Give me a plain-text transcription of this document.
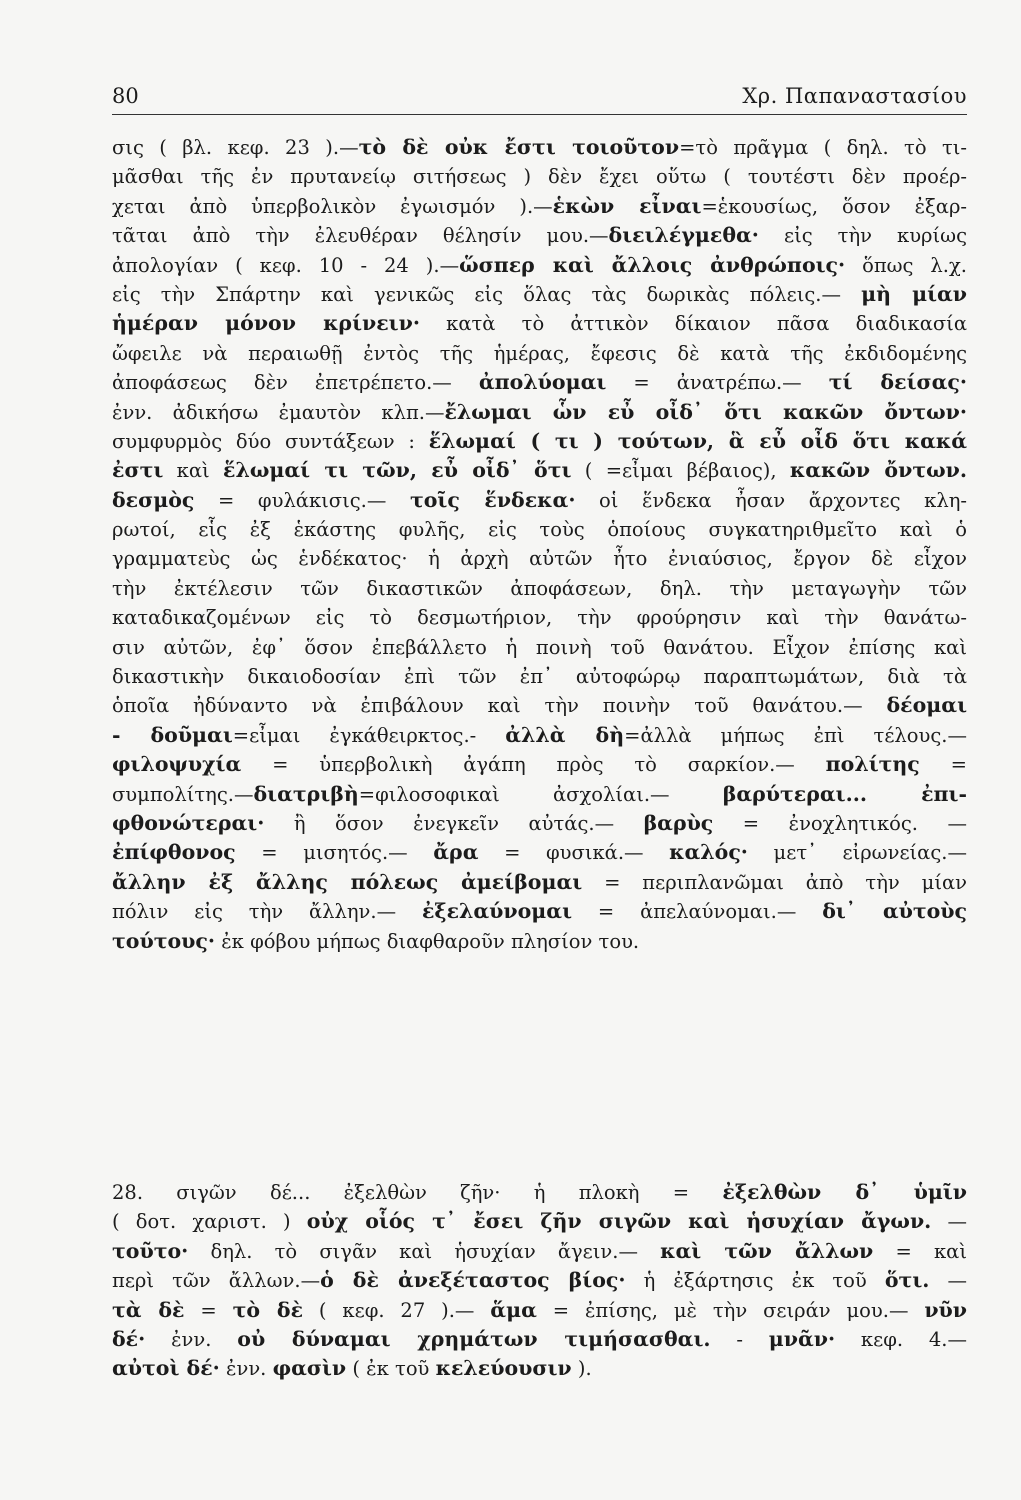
80	Χρ. Παπαναστασίου
σις ( βλ. κεφ. 23 ).—τὸ δὲ οὐκ ἔστι τοιοῦτον=τὸ πρᾶγμα ( δηλ. τὸ τι-
μᾶσθαι τῆς ἐν πρυτανείῳ σιτήσεως ) δὲν ἔχει οὕτω ( τουτέστι δὲν προέρ-
χεται ἀπὸ ὑπερβολικὸν ἐγωισμόν ).—ἑκὼν εἶναι=ἑκουσίως, ὅσον ἐξαρ-
τᾶται ἀπὸ τὴν ἐλευθέραν θέλησίν μου.—διειλέγμεθα· εἰς τὴν κυρίως
ἀπολογίαν ( κεφ. 10 - 24 ).—ὥσπερ καὶ ἄλλοις ἀνθρώποις· ὅπως λ.χ.
εἰς τὴν Σπάρτην καὶ γενικῶς εἰς ὅλας τὰς δωρικὰς πόλεις.— μὴ μίαν
ἡμέραν μόνον κρίνειν· κατὰ τὸ ἀττικὸν δίκαιον πᾶσα διαδικασία
ὤφειλε νὰ περαιωθῇ ἐντὸς τῆς ἡμέρας, ἔφεσις δὲ κατὰ τῆς ἐκδιδομένης
ἀποφάσεως δὲν ἐπετρέπετο.— ἀπολύομαι = ἀνατρέπω.— τί δείσας·
ἐνν. ἀδικήσω ἐμαυτὸν κλπ.—ἔλωμαι ὧν εὖ οἶδ᾽ ὅτι κακῶν ὄντων·
συμφυρμὸς δύο συντάξεων : ἕλωμαί ( τι ) τούτων, ἃ εὖ οἶδ ὅτι κακά
ἐστι καὶ ἕλωμαί τι τῶν, εὖ οἶδ᾽ ὅτι ( =εἶμαι βέβαιος), κακῶν ὄντων.
δεσμὸς = φυλάκισις.— τοῖς ἕνδεκα· οἱ ἕνδεκα ἦσαν ἄρχοντες κλη-
ρωτοί, εἷς ἐξ ἑκάστης φυλῆς, εἰς τοὺς ὁποίους συγκατηριθμεῖτο καὶ ὁ
γραμματεὺς ὡς ἑνδέκατος· ἡ ἀρχὴ αὐτῶν ἦτο ἐνιαύσιος, ἔργον δὲ εἶχον
τὴν ἐκτέλεσιν τῶν δικαστικῶν ἀποφάσεων, δηλ. τὴν μεταγωγὴν τῶν
καταδικαζομένων εἰς τὸ δεσμωτήριον, τὴν φρούρησιν καὶ τὴν θανάτω-
σιν αὐτῶν, ἐφ᾽ ὅσον ἐπεβάλλετο ἡ ποινὴ τοῦ θανάτου. Εἶχον ἐπίσης καὶ
δικαστικὴν δικαιοδοσίαν ἐπὶ τῶν ἐπ᾽ αὐτοφώρῳ παραπτωμάτων, διὰ τὰ
ὁποῖα ἠδύναντο νὰ ἐπιβάλουν καὶ τὴν ποινὴν τοῦ θανάτου.— δέομαι
- δοῦμαι=εἶμαι ἐγκάθειρκτος.- ἀλλὰ δὴ=ἀλλὰ μήπως ἐπὶ τέλους.—
φιλοψυχία = ὑπερβολικὴ ἀγάπη πρὸς τὸ σαρκίον.— πολίτης =
συμπολίτης.—διατριβὴ=φιλοσοφικαὶ ἀσχολίαι.— βαρύτεραι... ἐπι-
φθονώτεραι· ἢ ὅσον ἐνεγκεῖν αὐτάς.— βαρὺς = ἐνοχλητικός. —
ἐπίφθονος = μισητός.— ἄρα = φυσικά.— καλός· μετ᾽ εἰρωνείας.—
ἄλλην ἐξ ἄλλης πόλεως ἀμείβομαι = περιπλανῶμαι ἀπὸ τὴν μίαν
πόλιν εἰς τὴν ἄλλην.— ἐξελαύνομαι = ἀπελαύνομαι.— δι᾽ αὐτοὺς
τούτους· ἐκ φόβου μήπως διαφθαροῦν πλησίον του.
28. σιγῶν δέ... ἐξελθὼν ζῆν· ἡ πλοκὴ = ἐξελθὼν δ᾽ ὑμῖν
( δοτ. χαριστ. ) οὐχ οἷός τ᾽ ἔσει ζῆν σιγῶν καὶ ἡσυχίαν ἄγων. —
τοῦτο· δηλ. τὸ σιγᾶν καὶ ἡσυχίαν ἄγειν.— καὶ τῶν ἄλλων = καὶ
περὶ τῶν ἄλλων.—ὁ δὲ ἀνεξέταστος βίος· ἡ ἐξάρτησις ἐκ τοῦ ὅτι. —
τὰ δὲ = τὸ δὲ ( κεφ. 27 ).— ἅμα = ἐπίσης, μὲ τὴν σειράν μου.— νῦν
δέ· ἐνν. οὐ δύναμαι χρημάτων τιμήσασθαι. - μνᾶν· κεφ. 4.—
αὐτοὶ δέ· ἐνν. φασὶν ( ἐκ τοῦ κελεύουσιν ).
